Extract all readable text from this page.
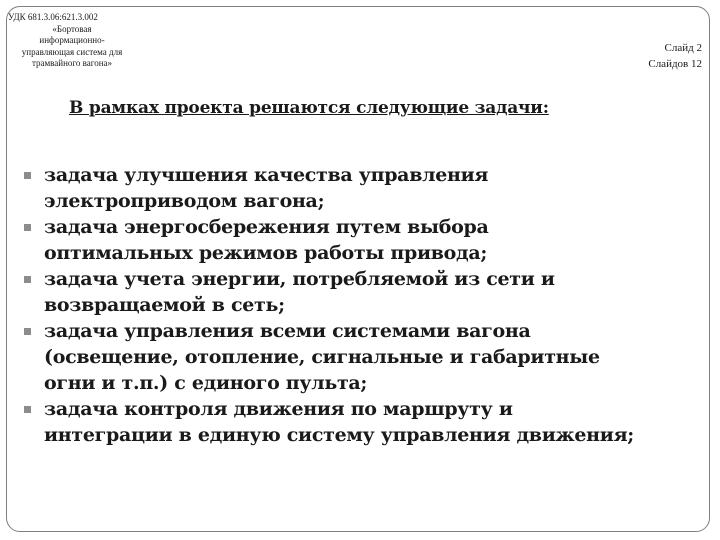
УДК 681.3.06:621.3.002
«Бортовая
информационно-
управляющая система для
трамвайного вагона»
Слайд 2
Слайдов 12
В рамках проекта решаются следующие задачи:
задача улучшения качества управления
электроприводом вагона;
задача энергосбережения путем выбора
оптимальных режимов работы привода;
задача учета энергии, потребляемой из сети и
возвращаемой в сеть;
задача управления всеми системами вагона
(освещение, отопление, сигнальные и габаритные
огни и т.п.) с единого пульта;
задача контроля движения по маршруту и
интеграции в единую систему управления движения;
